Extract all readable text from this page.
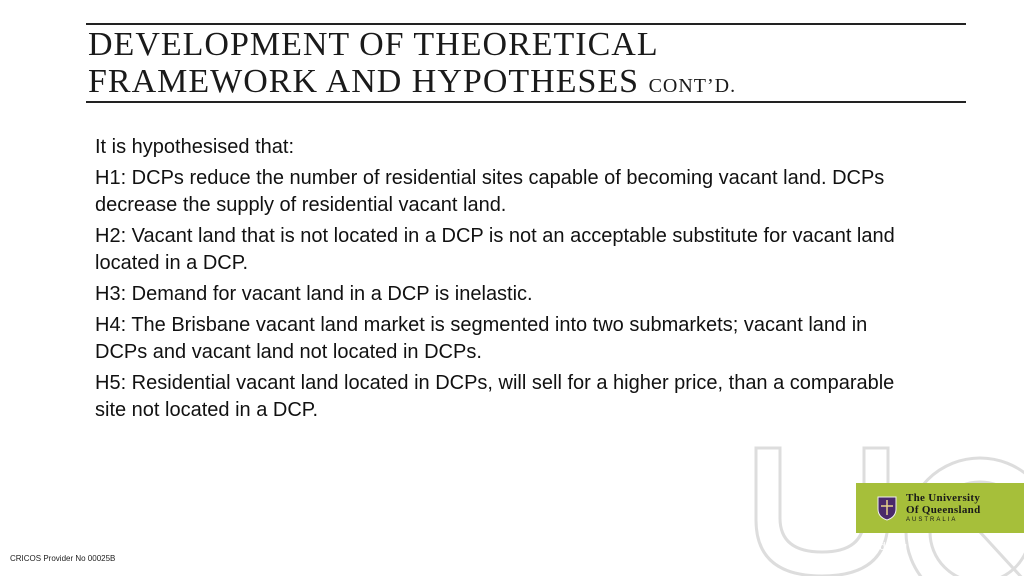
DEVELOPMENT OF THEORETICAL
FRAMEWORK AND HYPOTHESES CONT’D.

It is hypothesised that:

H1: DCPs reduce the number of residential sites capable of becoming vacant land. DCPs decrease the supply of residential vacant land.

H2: Vacant land that is not located in a DCP is not an acceptable substitute for vacant land located in a DCP.

H3: Demand for vacant land in a DCP is inelastic.

H4: The Brisbane vacant land market is segmented into two submarkets; vacant land in DCPs and vacant land not located in DCPs.

H5: Residential vacant land located in DCPs, will sell for a higher price, than a comparable site not located in a DCP.

The University
Of Queensland
AUSTRALIA
uq.edu.au
CRICOS Provider No 00025B
